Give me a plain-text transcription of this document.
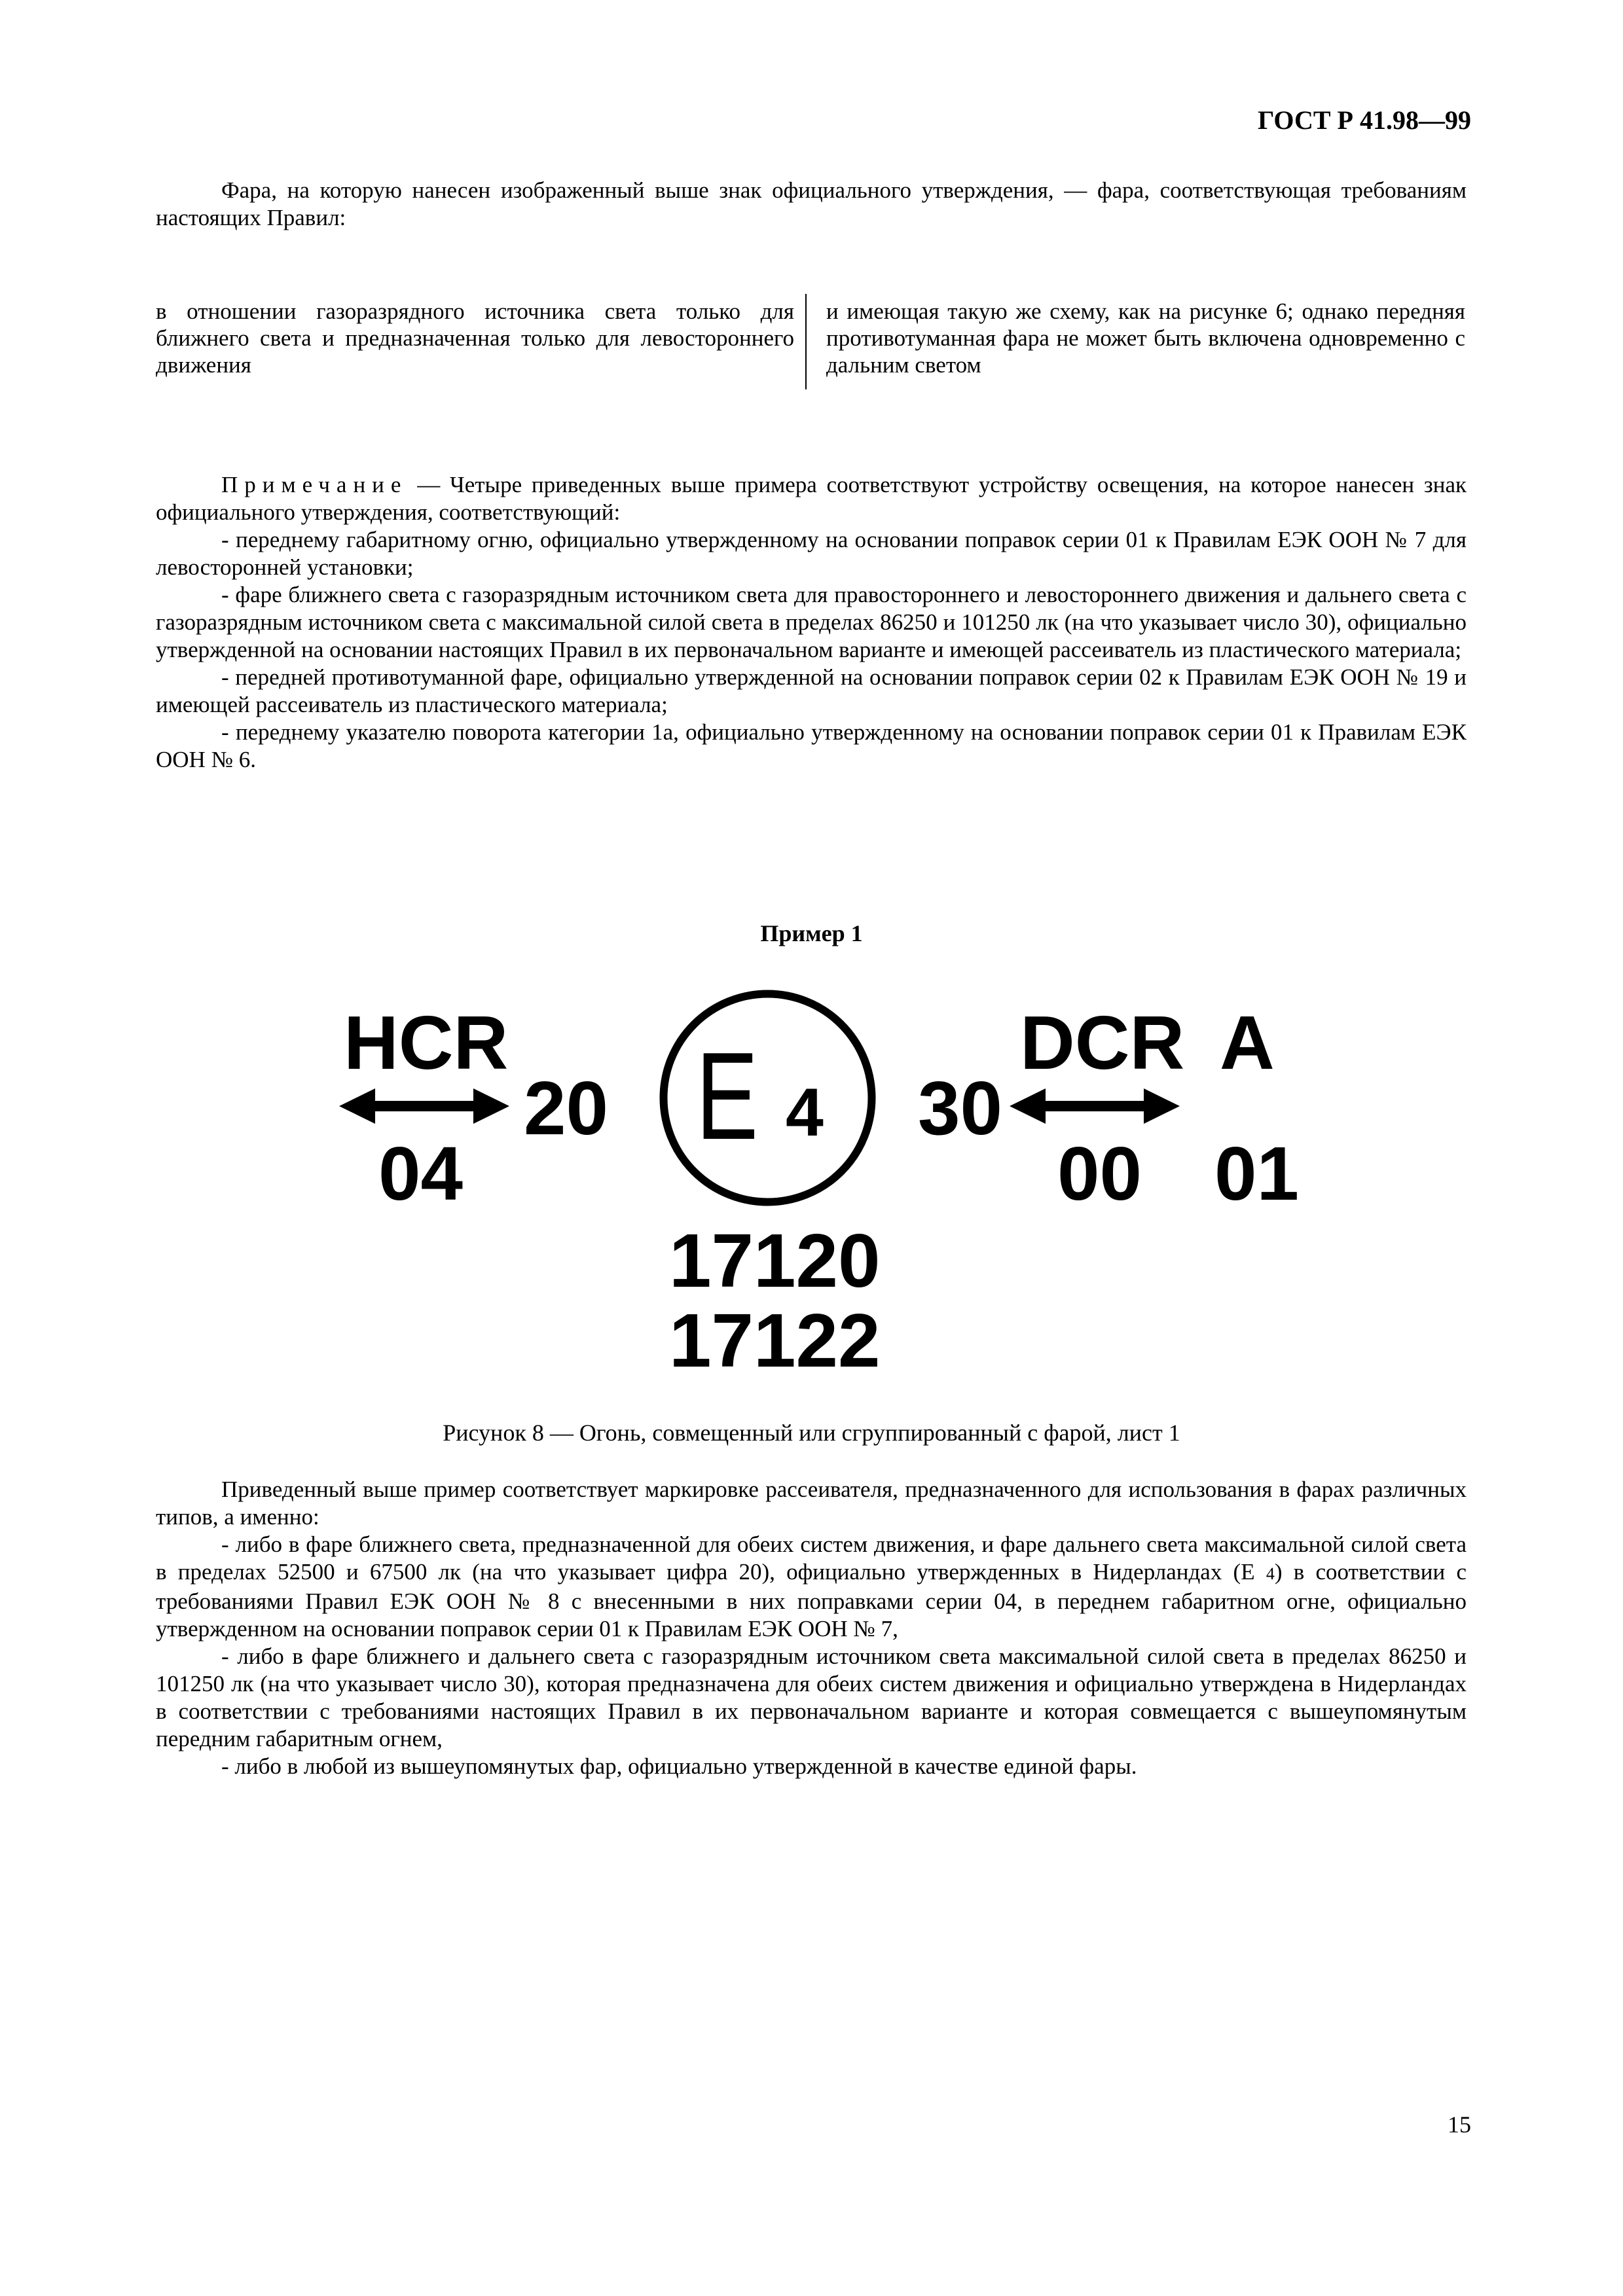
ГОСТ Р 41.98—99

Фара, на которую нанесен изображенный выше знак официального утверждения, — фара, соответствующая требованиям настоящих Правил:

в отношении газоразрядного источника света только для ближнего света и предназначенная только для левостороннего движения

и имеющая такую же схему, как на рисунке 6; однако передняя противотуманная фара не может быть включена одновременно с дальним светом

Примечание — Четыре приведенных выше примера соответствуют устройству освещения, на которое нанесен знак официального утверждения, соответствующий:

- переднему габаритному огню, официально утвержденному на основании поправок серии 01 к Правилам ЕЭК ООН № 7 для левосторонней установки;

- фаре ближнего света с газоразрядным источником света для правостороннего и левостороннего движения и дальнего света с газоразрядным источником света с максимальной силой света в пределах 86250 и 101250 лк (на что указывает число 30), официально утвержденной на основании настоящих Правил в их первоначальном варианте и имеющей рассеиватель из пластического материала;

- передней противотуманной фаре, официально утвержденной на основании поправок серии 02 к Правилам ЕЭК ООН № 19 и имеющей рассеиватель из пластического материала;

- переднему указателю поворота категории 1a, официально утвержденному на основании поправок серии 01 к Правилам ЕЭК ООН № 6.

Пример 1
HCR
04
20 E 4 30
DCR A
00 01
17120
17122
Рисунок 8 — Огонь, совмещенный или сгруппированный с фарой, лист 1

Приведенный выше пример соответствует маркировке рассеивателя, предназначенного для использования в фарах различных типов, а именно:

- либо в фаре ближнего света, предназначенной для обеих систем движения, и фаре дальнего света максимальной силой света в пределах 52500 и 67500 лк (на что указывает цифра 20), официально утвержденных в Нидерландах (Е 4) в соответствии с требованиями Правил ЕЭК ООН № 8 с внесенными в них поправками серии 04, в переднем габаритном огне, официально утвержденном на основании поправок серии 01 к Правилам ЕЭК ООН № 7,

- либо в фаре ближнего и дальнего света с газоразрядным источником света максимальной силой света в пределах 86250 и 101250 лк (на что указывает число 30), которая предназначена для обеих систем движения и официально утверждена в Нидерландах в соответствии с требованиями настоящих Правил в их первоначальном варианте и которая совмещается с вышеупомянутым передним габаритным огнем,

- либо в любой из вышеупомянутых фар, официально утвержденной в качестве единой фары.

15
